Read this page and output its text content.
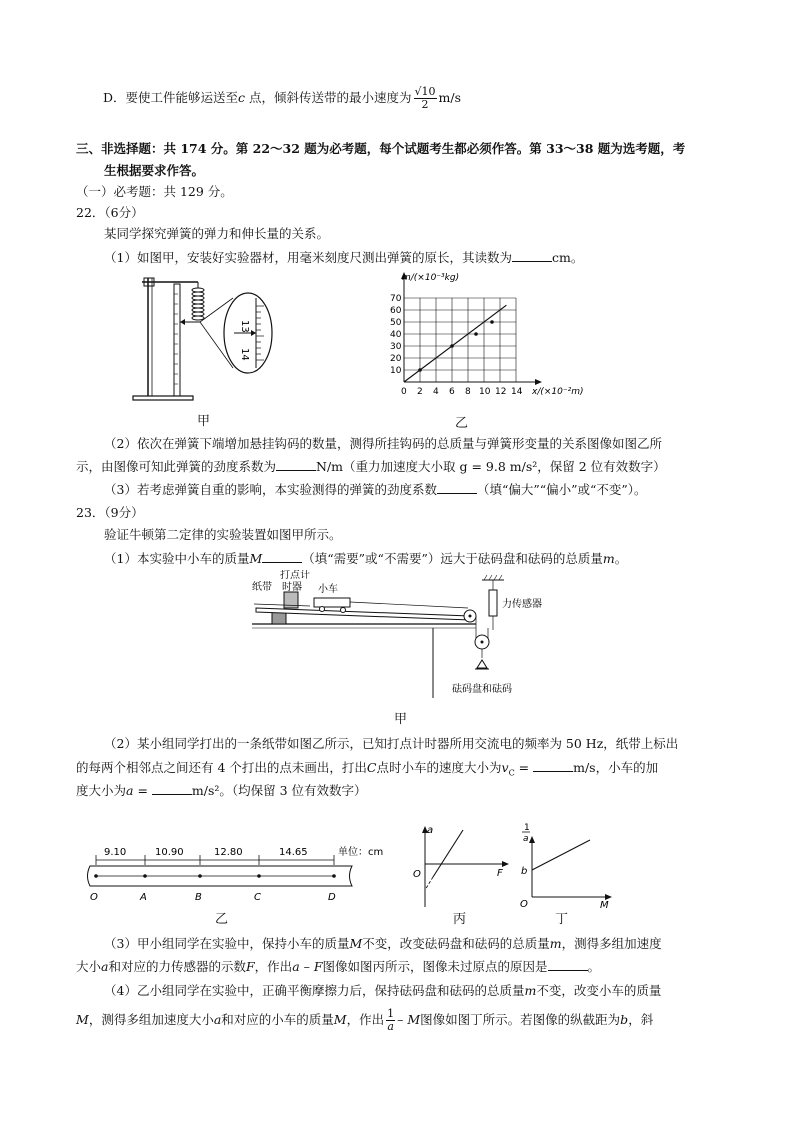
D．要使工件能够运送至c 点，倾斜传送带的最小速度为 $\frac{√10}{2} m/s$
三、非选择题：共 174 分。第 22～32 题为必考题，每个试题考生都必须作答。第 33～38 题为选考题，考
生根据要求作答。
（一）必考题：共 129 分。
22．（6分）
某同学探究弹簧的弹力和伸长量的关系。
（1）如图甲，安装好实验器材，用毫米刻度尺测出弹簧的原长，其读数为	cm。
13
14
甲
0 2 4 6 8 10 12 14
10
20
30
40
50
60
70
m/(×10⁻³kg)
x/(×10⁻²m)
乙
（2）依次在弹簧下端增加悬挂钩码的数量，测得所挂钩码的总质量与弹簧形变量的关系图像如图乙所
示，由图像可知此弹簧的劲度系数为	N/m（重力加速度大小取 g = 9.8 m/s²，保留 2 位有效数字）
（3）若考虑弹簧自重的影响，本实验测得的弹簧的劲度系数	（填“偏大”“偏小”或“不变”）。
23．（9分）
验证牛顿第二定律的实验装置如图甲所示。
（1）本实验中小车的质量M	（填“需要”或“不需要”）远大于砝码盘和砝码的总质量m。
纸带
打点计
时器 小车
力传感器
砝码盘和砝码
甲
（2）某小组同学打出的一条纸带如图乙所示，已知打点计时器所用交流电的频率为 50 Hz，纸带上标出
的每两个相邻点之间还有 4 个打出的点未画出，打出C点时小车的速度大小为$v_C$ =	m/s，小车的加
度大小为a =	m/s²。（均保留 3 位有效数字）
9.10	10.90	12.80	14.65	单位：cm
O	A	B	C	D
乙
a
F
O
丙
1
a
b
O	M
丁
（3）甲小组同学在实验中，保持小车的质量M不变，改变砝码盘和砝码的总质量m，测得多组加速度
大小a和对应的力传感器的示数F，作出a – F图像如图丙所示，图像未过原点的原因是	。
（4）乙小组同学在实验中，正确平衡摩擦力后，保持砝码盘和砝码的总质量m不变，改变小车的质量
M，测得多组加速度大小a和对应的小车的质量M，作出 $\frac{1}{a}$ – M图像如图丁所示。若图像的纵截距为b，斜
